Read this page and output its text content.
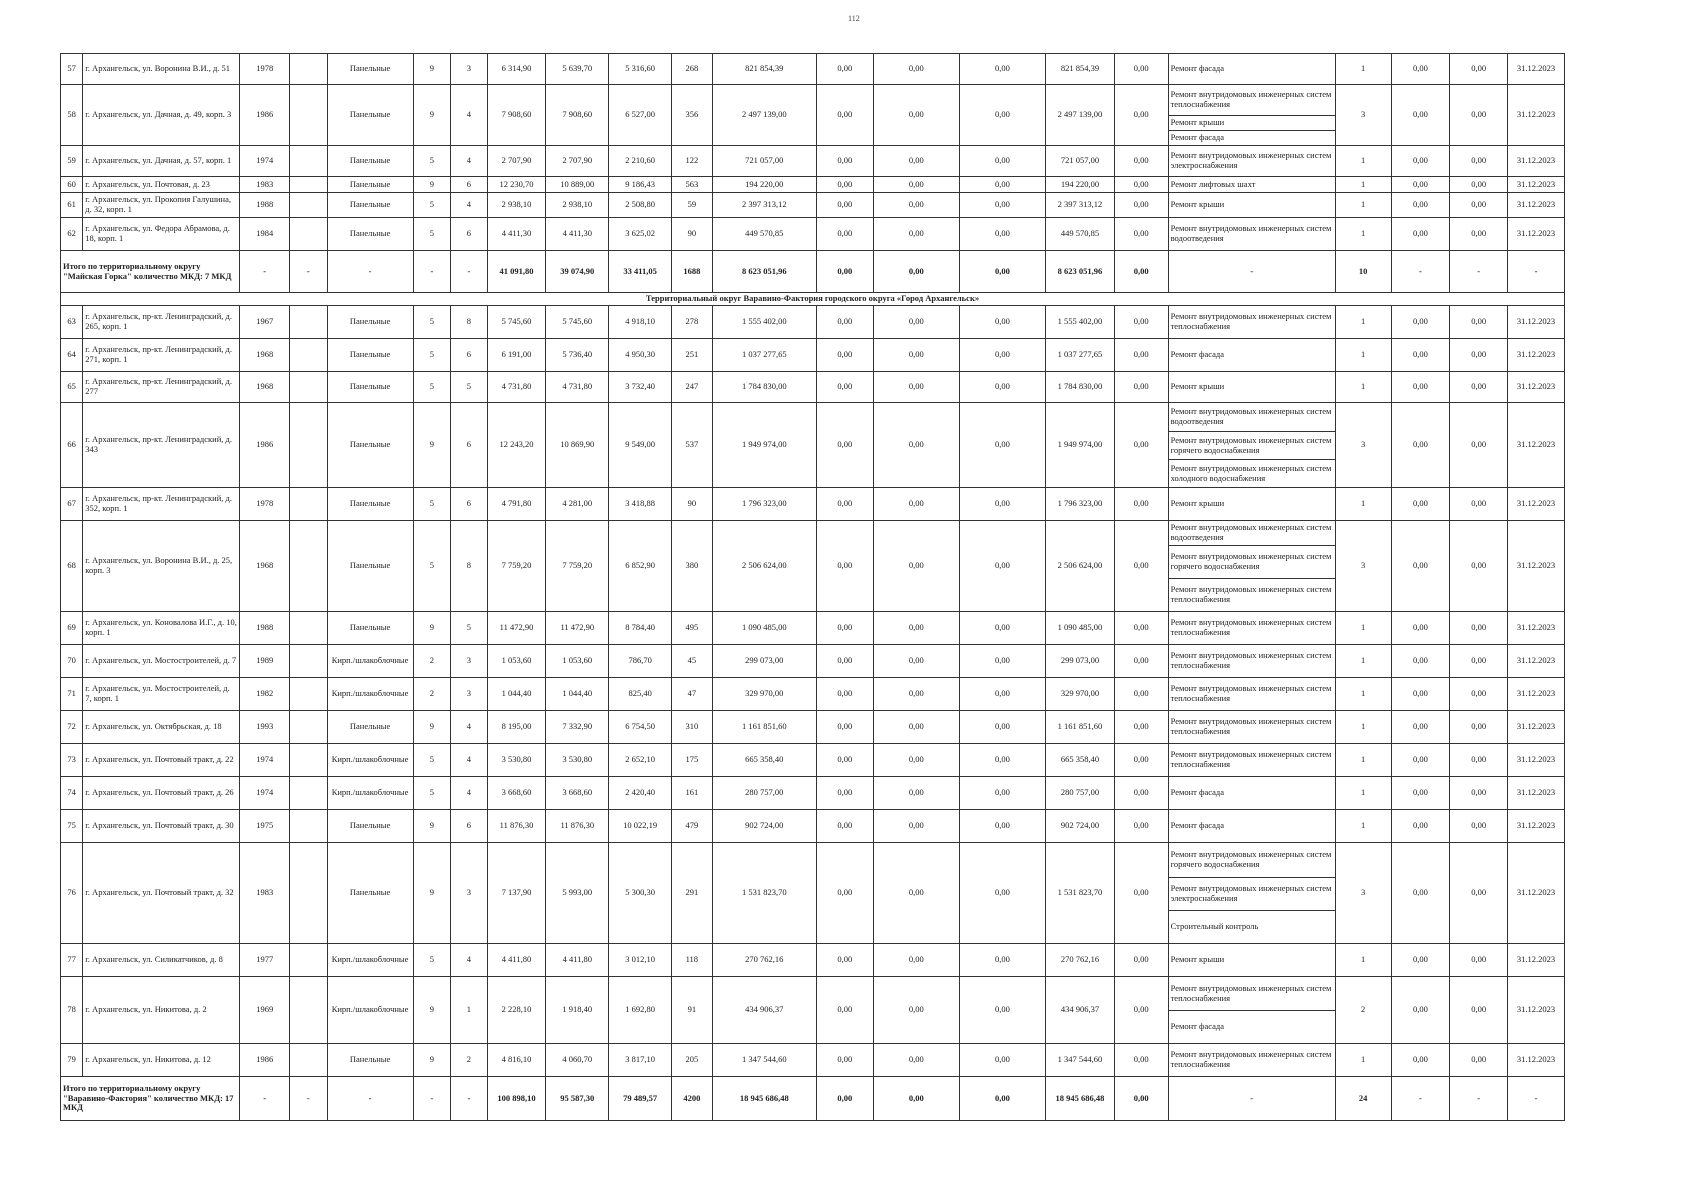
112
57	г. Архангельск, ул. Воронина В.И., д. 51	1978		Панельные	9	3	6 314,90	5 639,70	5 316,60	268	821 854,39	0,00	0,00	0,00	821 854,39	0,00	Ремонт фасада	1	0,00	0,00	31.12.2023
58	г. Архангельск, ул. Дачная, д. 49, корп. 3	1986		Панельные	9	4	7 908,60	7 908,60	6 527,00	356	2 497 139,00	0,00	0,00	0,00	2 497 139,00	0,00	Ремонт внутридомовых инженерных систем теплоснабжения
Ремонт крыши
Ремонт фасада	3	0,00	0,00	31.12.2023
59	г. Архангельск, ул. Дачная, д. 57, корп. 1	1974		Панельные	5	4	2 707,90	2 707,90	2 210,60	122	721 057,00	0,00	0,00	0,00	721 057,00	0,00	Ремонт внутридомовых инженерных систем электроснабжения	1	0,00	0,00	31.12.2023
60	г. Архангельск, ул. Почтовая, д. 23	1983		Панельные	9	6	12 230,70	10 889,00	9 186,43	563	194 220,00	0,00	0,00	0,00	194 220,00	0,00	Ремонт лифтовых шахт	1	0,00	0,00	31.12.2023
61	г. Архангельск, ул. Прокопия Галушина, д. 32, корп. 1	1988		Панельные	5	4	2 938,10	2 938,10	2 508,80	59	2 397 313,12	0,00	0,00	0,00	2 397 313,12	0,00	Ремонт крыши	1	0,00	0,00	31.12.2023
62	г. Архангельск, ул. Федора Абрамова, д. 18, корп. 1	1984		Панельные	5	6	4 411,30	4 411,30	3 625,02	90	449 570,85	0,00	0,00	0,00	449 570,85	0,00	Ремонт внутридомовых инженерных систем водоотведения	1	0,00	0,00	31.12.2023
Итого по территориальному округу "Майская Горка" количество МКД: 7 МКД		-	-	-	-	-	41 091,80	39 074,90	33 411,05	1688	8 623 051,96	0,00	0,00	0,00	8 623 051,96	0,00	-	10	-	-	-
Территориальный округ Варавино-Фактория городского округа «Город Архангельск»																					
63	г. Архангельск, пр-кт. Ленинградский, д. 265, корп. 1	1967		Панельные	5	8	5 745,60	5 745,60	4 918,10	278	1 555 402,00	0,00	0,00	0,00	1 555 402,00	0,00	Ремонт внутридомовых инженерных систем теплоснабжения	1	0,00	0,00	31.12.2023
64	г. Архангельск, пр-кт. Ленинградский, д. 271, корп. 1	1968		Панельные	5	6	6 191,00	5 736,40	4 950,30	251	1 037 277,65	0,00	0,00	0,00	1 037 277,65	0,00	Ремонт фасада	1	0,00	0,00	31.12.2023
65	г. Архангельск, пр-кт. Ленинградский, д. 277	1968		Панельные	5	5	4 731,80	4 731,80	3 732,40	247	1 784 830,00	0,00	0,00	0,00	1 784 830,00	0,00	Ремонт крыши	1	0,00	0,00	31.12.2023
66	г. Архангельск, пр-кт. Ленинградский, д. 343	1986		Панельные	9	6	12 243,20	10 869,90	9 549,00	537	1 949 974,00	0,00	0,00	0,00	1 949 974,00	0,00	Ремонт внутридомовых инженерных систем водоотведения
Ремонт внутридомовых инженерных систем горячего водоснабжения
Ремонт внутридомовых инженерных систем холодного водоснабжения	3	0,00	0,00	31.12.2023
67	г. Архангельск, пр-кт. Ленинградский, д. 352, корп. 1	1978		Панельные	5	6	4 791,80	4 281,00	3 418,88	90	1 796 323,00	0,00	0,00	0,00	1 796 323,00	0,00	Ремонт крыши	1	0,00	0,00	31.12.2023
68	г. Архангельск, ул. Воронина В.И., д. 25, корп. 3	1968		Панельные	5	8	7 759,20	7 759,20	6 852,90	380	2 506 624,00	0,00	0,00	0,00	2 506 624,00	0,00	Ремонт внутридомовых инженерных систем водоотведения
Ремонт внутридомовых инженерных систем горячего водоснабжения
Ремонт внутридомовых инженерных систем теплоснабжения	3	0,00	0,00	31.12.2023
69	г. Архангельск, ул. Коновалова И.Г., д. 10, корп. 1	1988		Панельные	9	5	11 472,90	11 472,90	8 784,40	495	1 090 485,00	0,00	0,00	0,00	1 090 485,00	0,00	Ремонт внутридомовых инженерных систем теплоснабжения	1	0,00	0,00	31.12.2023
70	г. Архангельск, ул. Мостостроителей, д. 7	1989		Кирп./шлакоблочные	2	3	1 053,60	1 053,60	786,70	45	299 073,00	0,00	0,00	0,00	299 073,00	0,00	Ремонт внутридомовых инженерных систем теплоснабжения	1	0,00	0,00	31.12.2023
71	г. Архангельск, ул. Мостостроителей, д. 7, корп. 1	1982		Кирп./шлакоблочные	2	3	1 044,40	1 044,40	825,40	47	329 970,00	0,00	0,00	0,00	329 970,00	0,00	Ремонт внутридомовых инженерных систем теплоснабжения	1	0,00	0,00	31.12.2023
72	г. Архангельск, ул. Октябрьская, д. 18	1993		Панельные	9	4	8 195,00	7 332,90	6 754,50	310	1 161 851,60	0,00	0,00	0,00	1 161 851,60	0,00	Ремонт внутридомовых инженерных систем теплоснабжения	1	0,00	0,00	31.12.2023
73	г. Архангельск, ул. Почтовый тракт, д. 22	1974		Кирп./шлакоблочные	5	4	3 530,80	3 530,80	2 652,10	175	665 358,40	0,00	0,00	0,00	665 358,40	0,00	Ремонт внутридомовых инженерных систем теплоснабжения	1	0,00	0,00	31.12.2023
74	г. Архангельск, ул. Почтовый тракт, д. 26	1974		Кирп./шлакоблочные	5	4	3 668,60	3 668,60	2 420,40	161	280 757,00	0,00	0,00	0,00	280 757,00	0,00	Ремонт фасада	1	0,00	0,00	31.12.2023
75	г. Архангельск, ул. Почтовый тракт, д. 30	1975		Панельные	9	6	11 876,30	11 876,30	10 022,19	479	902 724,00	0,00	0,00	0,00	902 724,00	0,00	Ремонт фасада	1	0,00	0,00	31.12.2023
76	г. Архангельск, ул. Почтовый тракт, д. 32	1983		Панельные	9	3	7 137,90	5 993,00	5 300,30	291	1 531 823,70	0,00	0,00	0,00	1 531 823,70	0,00	Ремонт внутридомовых инженерных систем горячего водоснабжения
Ремонт внутридомовых инженерных систем электроснабжения
Строительный контроль	3	0,00	0,00	31.12.2023
77	г. Архангельск, ул. Силикатчиков, д. 8	1977		Кирп./шлакоблочные	5	4	4 411,80	4 411,80	3 012,10	118	270 762,16	0,00	0,00	0,00	270 762,16	0,00	Ремонт крыши	1	0,00	0,00	31.12.2023
78	г. Архангельск, ул. Никитова, д. 2	1969		Кирп./шлакоблочные	9	1	2 228,10	1 918,40	1 692,80	91	434 906,37	0,00	0,00	0,00	434 906,37	0,00	Ремонт внутридомовых инженерных систем теплоснабжения
Ремонт фасада	2	0,00	0,00	31.12.2023
79	г. Архангельск, ул. Никитова, д. 12	1986		Панельные	9	2	4 816,10	4 060,70	3 817,10	205	1 347 544,60	0,00	0,00	0,00	1 347 544,60	0,00	Ремонт внутридомовых инженерных систем теплоснабжения	1	0,00	0,00	31.12.2023
Итого по территориальному округу "Варавино-Фактория" количество МКД: 17 МКД		-	-	-	-	-	100 898,10	95 587,30	79 489,57	4200	18 945 686,48	0,00	0,00	0,00	18 945 686,48	0,00	-	24	-	-	-
